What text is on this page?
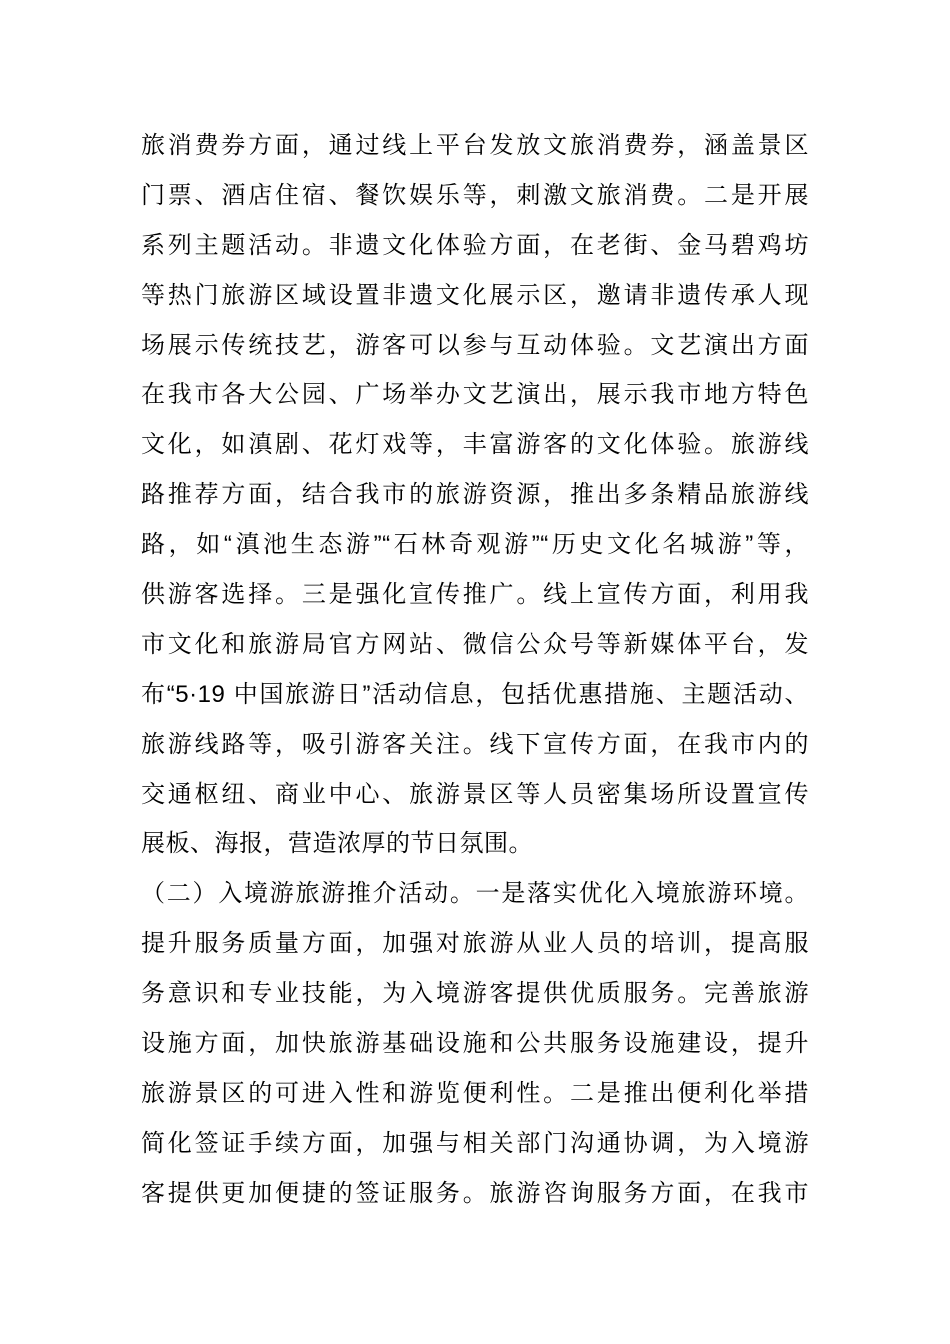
旅消费券方面，通过线上平台发放文旅消费券，涵盖景区
门票、酒店住宿、餐饮娱乐等，刺激文旅消费。二是开展
系列主题活动。非遗文化体验方面，在老街、金马碧鸡坊
等热门旅游区域设置非遗文化展示区，邀请非遗传承人现
场展示传统技艺，游客可以参与互动体验。文艺演出方面
在我市各大公园、广场举办文艺演出，展示我市地方特色
文化，如滇剧、花灯戏等，丰富游客的文化体验。旅游线
路推荐方面，结合我市的旅游资源，推出多条精品旅游线
路，如“滇池生态游”“石林奇观游”“历史文化名城游”等，
供游客选择。三是强化宣传推广。线上宣传方面，利用我
市文化和旅游局官方网站、微信公众号等新媒体平台，发
布“5·19 中国旅游日”活动信息，包括优惠措施、主题活动、
旅游线路等，吸引游客关注。线下宣传方面，在我市内的
交通枢纽、商业中心、旅游景区等人员密集场所设置宣传
展板、海报，营造浓厚的节日氛围。
（二）入境游旅游推介活动。一是落实优化入境旅游环境。
提升服务质量方面，加强对旅游从业人员的培训，提高服
务意识和专业技能，为入境游客提供优质服务。完善旅游
设施方面，加快旅游基础设施和公共服务设施建设，提升
旅游景区的可进入性和游览便利性。二是推出便利化举措
简化签证手续方面，加强与相关部门沟通协调，为入境游
客提供更加便捷的签证服务。旅游咨询服务方面，在我市
